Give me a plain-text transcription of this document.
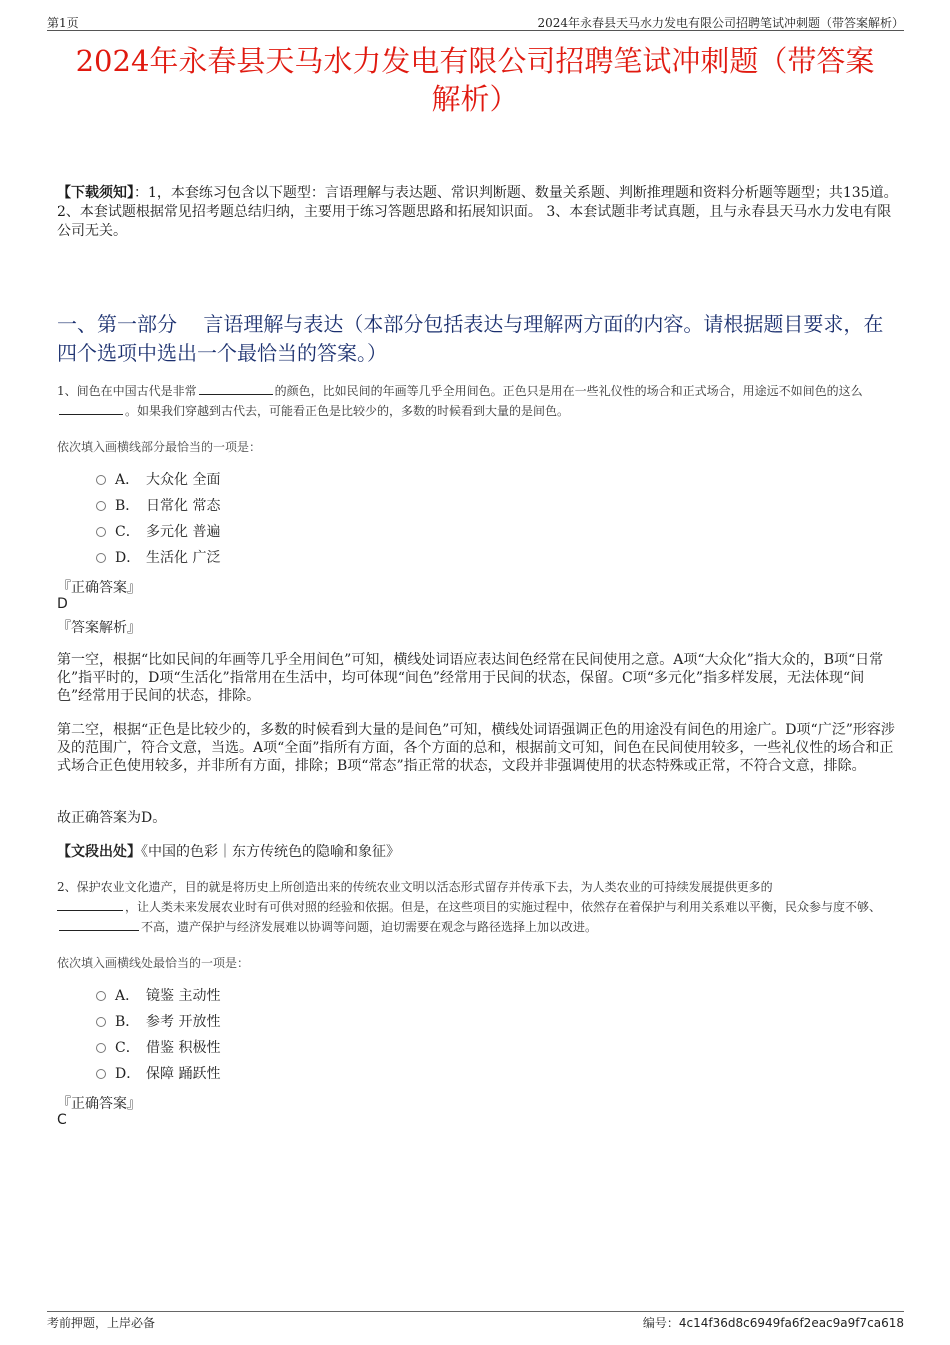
第1页	2024年永春县天马水力发电有限公司招聘笔试冲刺题（带答案解析）
2024年永春县天马水力发电有限公司招聘笔试冲刺题（带答案
解析）
【下载须知】：1，本套练习包含以下题型：言语理解与表达题、常识判断题、数量关系题、判断推理题和资料分析题等题型；共135道。 2、本套试题根据常见招考题总结归纳，主要用于练习答题思路和拓展知识面。 3、本套试题非考试真题，且与永春县天马水力发电有限公司无关。
一、第一部分　 言语理解与表达（本部分包括表达与理解两方面的内容。请根据题目要求，在四个选项中选出一个最恰当的答案。）
1、间色在中国古代是非常	的颜色，比如民间的年画等几乎全用间色。正色只是用在一些礼仪性的场合和正式场合，用途远不如间色的这么。如果我们穿越到古代去，可能看正色是比较少的，多数的时候看到大量的是间色。
依次填入画横线部分最恰当的一项是：
A． 大众化 全面
B． 日常化 常态
C． 多元化 普遍
D． 生活化 广泛
『正确答案』
D
『答案解析』
第一空，根据“比如民间的年画等几乎全用间色”可知，横线处词语应表达间色经常在民间使用之意。A项“大众化”指大众的，B项“日常化”指平时的，D项“生活化”指常用在生活中，均可体现“间色”经常用于民间的状态，保留。C项“多元化”指多样发展，无法体现“间色”经常用于民间的状态，排除。
第二空，根据“正色是比较少的，多数的时候看到大量的是间色”可知，横线处词语强调正色的用途没有间色的用途广。D项“广泛”形容涉及的范围广，符合文意，当选。A项“全面”指所有方面，各个方面的总和，根据前文可知，间色在民间使用较多，一些礼仪性的场合和正式场合正色使用较多，并非所有方面，排除；B项“常态”指正常的状态，文段并非强调使用的状态特殊或正常，不符合文意，排除。
故正确答案为D。
【文段出处】《中国的色彩｜东方传统色的隐喻和象征》
2、保护农业文化遗产，目的就是将历史上所创造出来的传统农业文明以活态形式留存并传承下去，为人类农业的可持续发展提供更多的
，让人类未来发展农业时有可供对照的经验和依据。但是，在这些项目的实施过程中，依然存在着保护与利用关系难以平衡，民众参与度不够、不高，遗产保护与经济发展难以协调等问题，迫切需要在观念与路径选择上加以改进。
依次填入画横线处最恰当的一项是：
A． 镜鉴 主动性
B． 参考 开放性
C． 借鉴 积极性
D． 保障 踊跃性
『正确答案』
C
考前押题，上岸必备	编号：4c14f36d8c6949fa6f2eac9a9f7ca618
